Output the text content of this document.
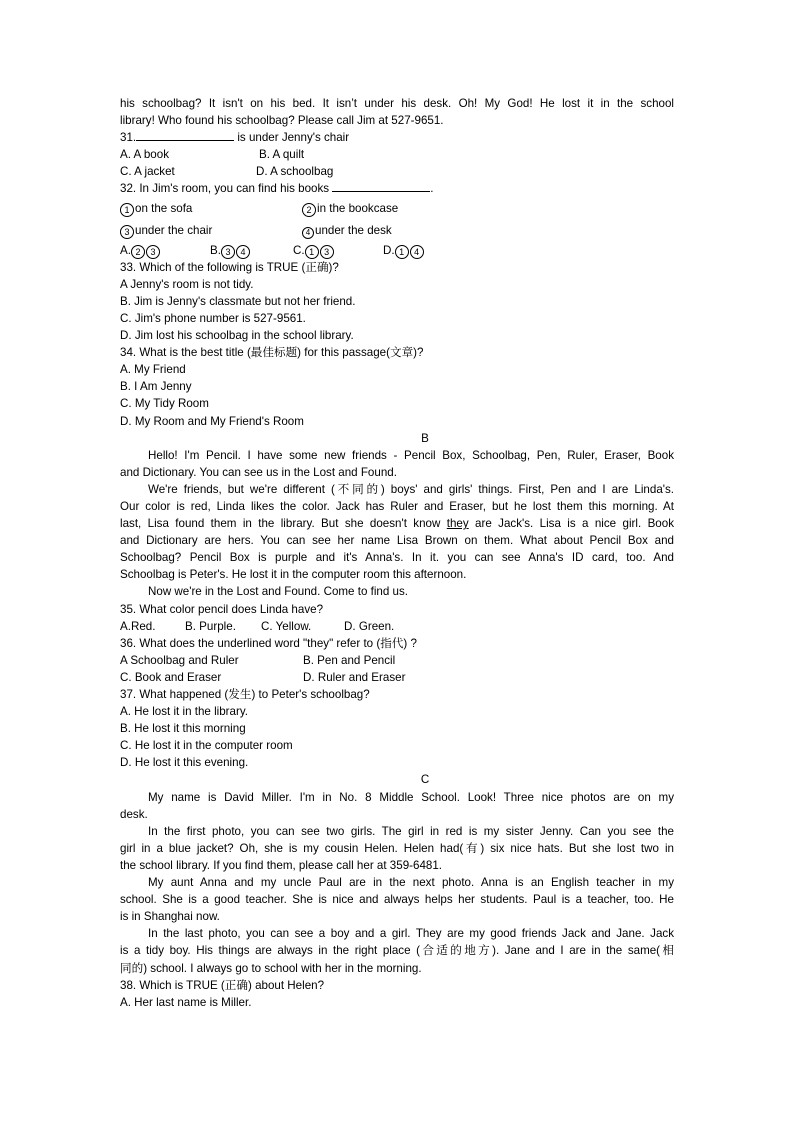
his schoolbag? It isn't on his bed. It isn’t under his desk. Oh! My God! He lost it in the school
library! Who found his schoolbag? Please call Jim at 527-9651.
31.	is under Jenny's chair
A. A book	B. A quilt
C. A jacket	D. A schoolbag
32. In Jim's room, you can find his books	.
1 on the sofa	2 in the bookcase
3 under the chair	4 under the desk
A. 2 3	B. 3 4	C. 1 3	D. 1 4
33. Which of the following is TRUE (正确)?
A Jenny's room is not tidy.
B. Jim is Jenny's classmate but not her friend.
C. Jim's phone number is 527-9561.
D. Jim lost his schoolbag in the school library.
34. What is the best title (最佳标题) for this passage(文章)?
A. My Friend
B. I Am Jenny
C. My Tidy Room
D. My Room and My Friend's Room
B
Hello! I'm Pencil. I have some new friends - Pencil Box, Schoolbag, Pen, Ruler, Eraser, Book
and Dictionary. You can see us in the Lost and Found.
We're friends, but we're different (不同的) boys' and girls' things. First, Pen and I are Linda's.
Our color is red, Linda likes the color. Jack has Ruler and Eraser, but he lost them this morning. At
last, Lisa found them in the library. But she doesn't know they are Jack's. Lisa is a nice girl. Book
and Dictionary are hers. You can see her name Lisa Brown on them. What about Pencil Box and
Schoolbag? Pencil Box is purple and it's Anna's. In it. you can see Anna's ID card, too. And
Schoolbag is Peter's. He lost it in the computer room this afternoon.
Now we're in the Lost and Found. Come to find us.
35. What color pencil does Linda have?
A.Red.	B. Purple. C. Yellow.	D. Green.
36. What does the underlined word "they" refer to (指代) ?
A Schoolbag and Ruler	B. Pen and Pencil
C. Book and Eraser	D. Ruler and Eraser
37. What happened (发生) to Peter's schoolbag?
A. He lost it in the library.
B. He lost it this morning
C. He lost it in the computer room
D. He lost it this evening.
C
My name is David Miller. I'm in No. 8 Middle School. Look! Three nice photos are on my
desk.
In the first photo, you can see two girls. The girl in red is my sister Jenny. Can you see the
girl in a blue jacket? Oh, she is my cousin Helen. Helen had(有) six nice hats. But she lost two in
the school library. If you find them, please call her at 359-6481.
My aunt Anna and my uncle Paul are in the next photo. Anna is an English teacher in my
school. She is a good teacher. She is nice and always helps her students. Paul is a teacher, too. He
is in Shanghai now.
In the last photo, you can see a boy and a girl. They are my good friends Jack and Jane. Jack
is a tidy boy. His things are always in the right place (合适的地方). Jane and I are in the same(相
同的) school. I always go to school with her in the morning.
38. Which is TRUE (正确) about Helen?
A. Her last name is Miller.
